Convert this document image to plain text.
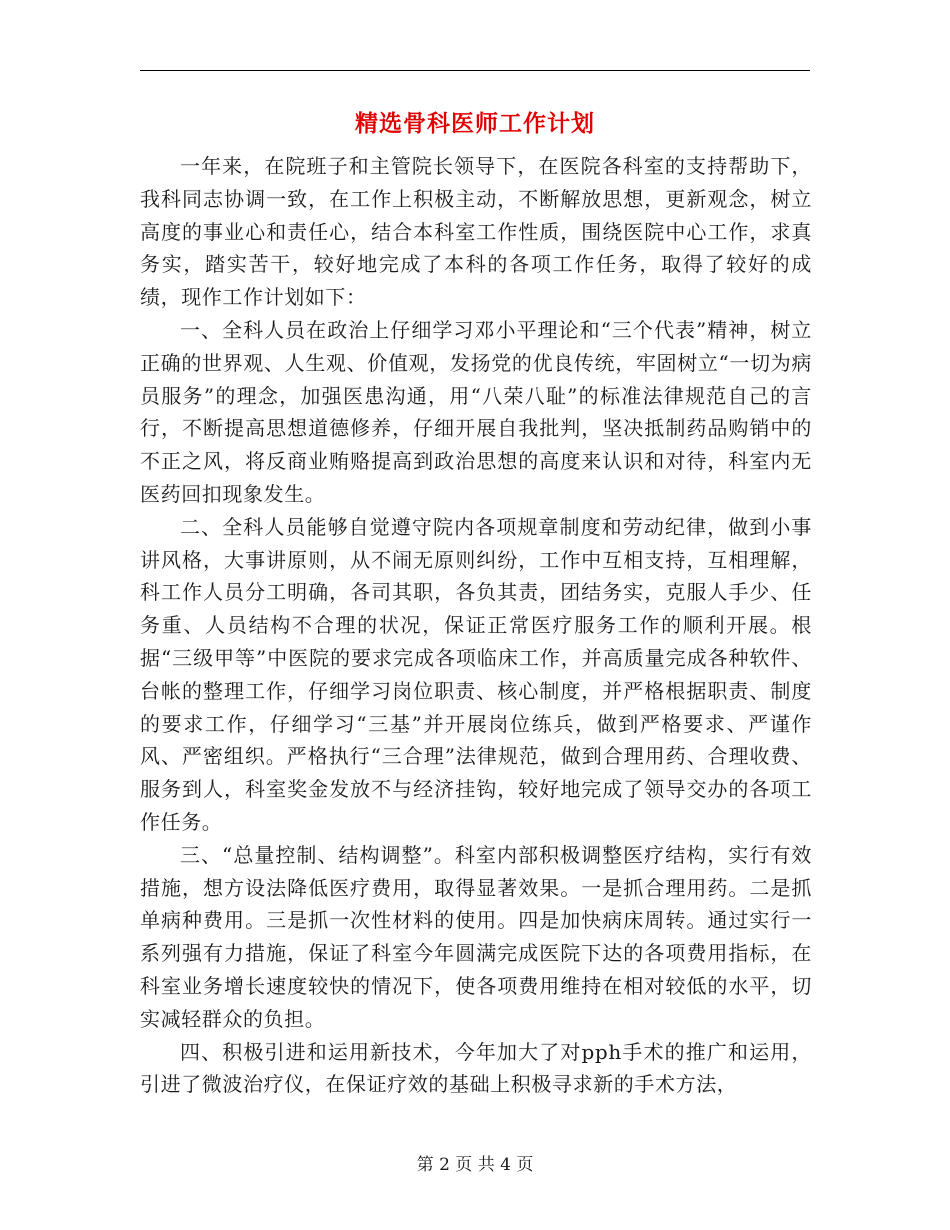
精选骨科医师工作计划

一年来，在院班子和主管院长领导下，在医院各科室的支持帮助下，我科同志协调一致，在工作上积极主动，不断解放思想，更新观念，树立高度的事业心和责任心，结合本科室工作性质，围绕医院中心工作，求真务实，踏实苦干，较好地完成了本科的各项工作任务，取得了较好的成绩，现作工作计划如下：

一、全科人员在政治上仔细学习邓小平理论和“三个代表”精神，树立正确的世界观、人生观、价值观，发扬党的优良传统，牢固树立“一切为病员服务”的理念，加强医患沟通，用“八荣八耻”的标准法律规范自己的言行，不断提高思想道德修养，仔细开展自我批判，坚决抵制药品购销中的不正之风，将反商业贿赂提高到政治思想的高度来认识和对待，科室内无医药回扣现象发生。

二、全科人员能够自觉遵守院内各项规章制度和劳动纪律，做到小事讲风格，大事讲原则，从不闹无原则纠纷，工作中互相支持，互相理解，科工作人员分工明确，各司其职，各负其责，团结务实，克服人手少、任务重、人员结构不合理的状况，保证正常医疗服务工作的顺利开展。根据“三级甲等”中医院的要求完成各项临床工作，并高质量完成各种软件、台帐的整理工作，仔细学习岗位职责、核心制度，并严格根据职责、制度的要求工作，仔细学习“三基”并开展岗位练兵，做到严格要求、严谨作风、严密组织。严格执行“三合理”法律规范，做到合理用药、合理收费、服务到人，科室奖金发放不与经济挂钩，较好地完成了领导交办的各项工作任务。

三、“总量控制、结构调整”。科室内部积极调整医疗结构，实行有效措施，想方设法降低医疗费用，取得显著效果。一是抓合理用药。二是抓单病种费用。三是抓一次性材料的使用。四是加快病床周转。通过实行一系列强有力措施，保证了科室今年圆满完成医院下达的各项费用指标，在科室业务增长速度较快的情况下，使各项费用维持在相对较低的水平，切实减轻群众的负担。

四、积极引进和运用新技术，今年加大了对pph手术的推广和运用，引进了微波治疗仪，在保证疗效的基础上积极寻求新的手术方法，

第 2 页 共 4 页
